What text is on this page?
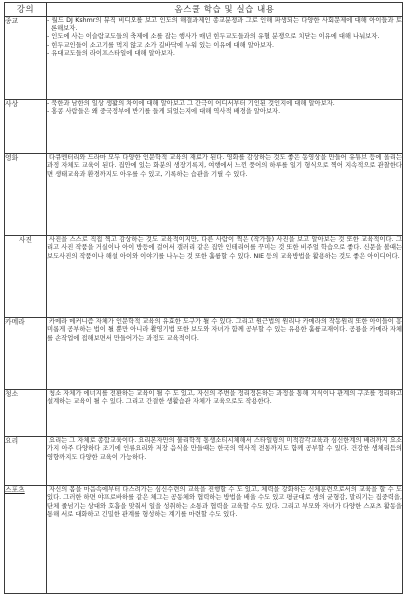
강의	옴스쿨 학습 및 실습 내용
종교	- 월드 DJ Kshmr의 뮤직 비디오를 보고 인도의 해결과제인 종교분쟁과 그로 인해 파생되는 다양한 사회문제에 대해 아이들과 토론해보자.

- 인도에 사는 이슬람교도들의 축제에 소를 잡는 행사가 매년 힌두교도들과의 유혈 분쟁으로 치닫는 이유에 대해 나눠보자.

- 힌두교인들이 소고기를 먹지 않고 소가 길바닥에 누워 있는 이유에 대해 알아보자.

- 유대교도들의 라이프스타일에 대해 알아보자.

사상	- 북한과 남한의 일상 생활의 차이에 대해 알아보고 그 간극이 어디서부터 기인된 것인지에 대해 알아보자.

- 홍콩 사람들은 왜 중국정부에 반기를 들게 되었는지에 대해 역사적 배경을 알아보자.

영화	다큐멘터리와 드라마 모두 다양한 인문학적 교육의 재료가 된다. 영화를 감상하는 것도 좋은 동영상을 만들어 유튜브 등에 올리는 과정 자체도 교육이 된다. 집안에 있는 화분의 생장기록지, 여행에서 느낀 풍어의 하루를 일기 형식으로 찍어 지속적으로 관찰한다면 생태교육과 환경까지도 아우를 수 있고, 기록하는 습관을 기릴 수 있다.

사진	사진을 스스로 직접 찍고 감상하는 것도 교육적이지만, 다른 사람이 찍은 (작가들) 사진을 보고 알아보는 것 또한 교육적이다. 그리고 사진 작품을 거실이나 아이 방등에 걸어서 갤러리 같은 집안 인테리어를 꾸미는 것 또한 비주얼 학습으로 좋다. 신문을 볼때는 보도사진의 작품이나 해설 아이와 이야기를 나누는 것 또한 훌륭할 수 있다. NIE 등의 교육방법을 활용하는 것도 좋은 아이디어다.

카메라	카메라 메커니즘 자체가 인문학적 교육의 유효한 도구가 될 수 있다. 그리고 원근법의 원리나 카메라의 작동원리 또한 아이들이 흥미롭게 공부하는 법이 될 뿐만 아니라 촬영기법 또한 보도와 자녀가 함께 공부할 수 있는 유용한 훌륭교재이다. 공룡을 카메라 자체를 손작업에 접해보면서 만들어가는 과정도 교육적이다.

청소	청소 자체가 에너지를 전환하는 교육이 될 수 도 있고, 자신의 주변을 정리정돈하는 과정을 통해 지식이나 관계의 구조를 정리하고 설계하는 교육이 될 수 있다. 그리고 간결한 생활습관 자체가 교육으로도 작용한다.

요리	요리는 그 자체로 종합교육이다. 요리본자만의 물리학적 통생소티시체해서 스타일링의 미적감각교육과 심신한계의 배려까지 요소가지 아주 다양하다 조기에 인류요리와 저장 음식을 만들때는 한국의 역사적 전통까지도 함께 공부할 수 있다. 건강한 생체리듬의 영향까지도 다양한 교육이 가능하다.

스포츠	자신의 몸을 마음속에부터 다스려가는 심신수련의 교육을 진행할 수 도 있고, 체력을 강화하는 신체훈련으로서의 교육을 할 수 도 있다. 그러한 하면 야프로바하를 같은 체그는 공동체와 협력하는 방법을 배울 수도 있고 평균대로 생의 균형감, 말리기는 집중력을, 단체 줄넘기는 상대와 호흡을 맞춰서 일을 성취하는 소통과 협력을 교육할 수도 있다. 그리고 부모와 자녀가 다양한 스포츠 활동을 통해 서로 대화하고 긴밀한 관계를 형성하는 계기를 마련할 수도 있다.
